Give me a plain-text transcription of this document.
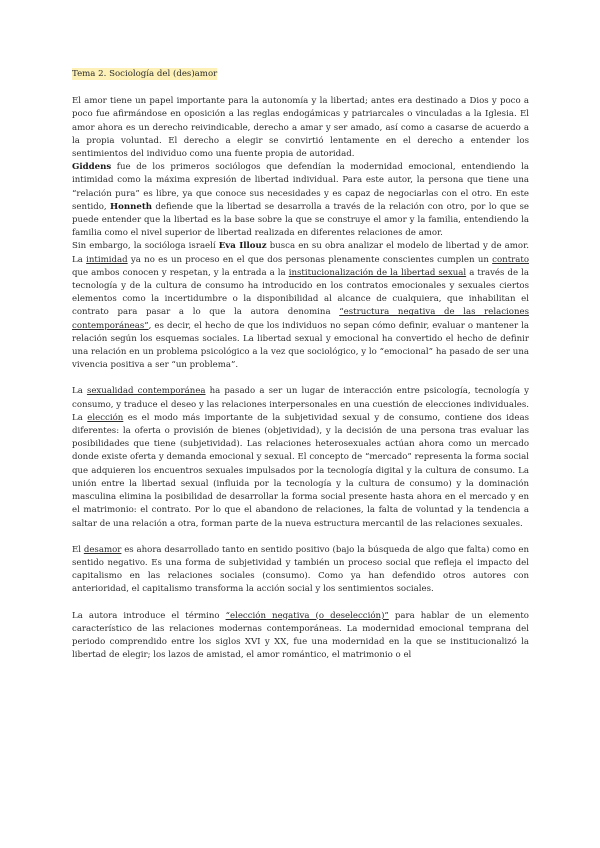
Tema 2. Sociología del (des)amor

El amor tiene un papel importante para la autonomía y la libertad; antes era destinado a Dios y poco a poco fue afirmándose en oposición a las reglas endogámicas y patriarcales o vinculadas a la Iglesia. El amor ahora es un derecho reivindicable, derecho a amar y ser amado, así como a casarse de acuerdo a la propia voluntad. El derecho a elegir se convirtió lentamente en el derecho a entender los sentimientos del individuo como una fuente propia de autoridad.

Giddens fue de los primeros sociólogos que defendían la modernidad emocional, entendiendo la intimidad como la máxima expresión de libertad individual. Para este autor, la persona que tiene una “relación pura” es libre, ya que conoce sus necesidades y es capaz de negociarlas con el otro. En este sentido, Honneth defiende que la libertad se desarrolla a través de la relación con otro, por lo que se puede entender que la libertad es la base sobre la que se construye el amor y la familia, entendiendo la familia como el nivel superior de libertad realizada en diferentes relaciones de amor.

Sin embargo, la socióloga israelí Eva Illouz busca en su obra analizar el modelo de libertad y de amor. La intimidad ya no es un proceso en el que dos personas plenamente conscientes cumplen un contrato que ambos conocen y respetan, y la entrada a la institucionalización de la libertad sexual a través de la tecnología y de la cultura de consumo ha introducido en los contratos emocionales y sexuales ciertos elementos como la incertidumbre o la disponibilidad al alcance de cualquiera, que inhabilitan el contrato para pasar a lo que la autora denomina “estructura negativa de las relaciones contemporáneas”, es decir, el hecho de que los individuos no sepan cómo definir, evaluar o mantener la relación según los esquemas sociales. La libertad sexual y emocional ha convertido el hecho de definir una relación en un problema psicológico a la vez que sociológico, y lo “emocional” ha pasado de ser una vivencia positiva a ser “un problema”.

La sexualidad contemporánea ha pasado a ser un lugar de interacción entre psicología, tecnología y consumo, y traduce el deseo y las relaciones interpersonales en una cuestión de elecciones individuales. La elección es el modo más importante de la subjetividad sexual y de consumo, contiene dos ideas diferentes: la oferta o provisión de bienes (objetividad), y la decisión de una persona tras evaluar las posibilidades que tiene (subjetividad). Las relaciones heterosexuales actúan ahora como un mercado donde existe oferta y demanda emocional y sexual. El concepto de “mercado” representa la forma social que adquieren los encuentros sexuales impulsados por la tecnología digital y la cultura de consumo. La unión entre la libertad sexual (influida por la tecnología y la cultura de consumo) y la dominación masculina elimina la posibilidad de desarrollar la forma social presente hasta ahora en el mercado y en el matrimonio: el contrato. Por lo que el abandono de relaciones, la falta de voluntad y la tendencia a saltar de una relación a otra, forman parte de la nueva estructura mercantil de las relaciones sexuales.

El desamor es ahora desarrollado tanto en sentido positivo (bajo la búsqueda de algo que falta) como en sentido negativo. Es una forma de subjetividad y también un proceso social que refleja el impacto del capitalismo en las relaciones sociales (consumo). Como ya han defendido otros autores con anterioridad, el capitalismo transforma la acción social y los sentimientos sociales.

La autora introduce el término “elección negativa (o deselección)” para hablar de un elemento característico de las relaciones modernas contemporáneas. La modernidad emocional temprana del periodo comprendido entre los siglos XVI y XX, fue una modernidad en la que se institucionalizó la libertad de elegir; los lazos de amistad, el amor romántico, el matrimonio o el
